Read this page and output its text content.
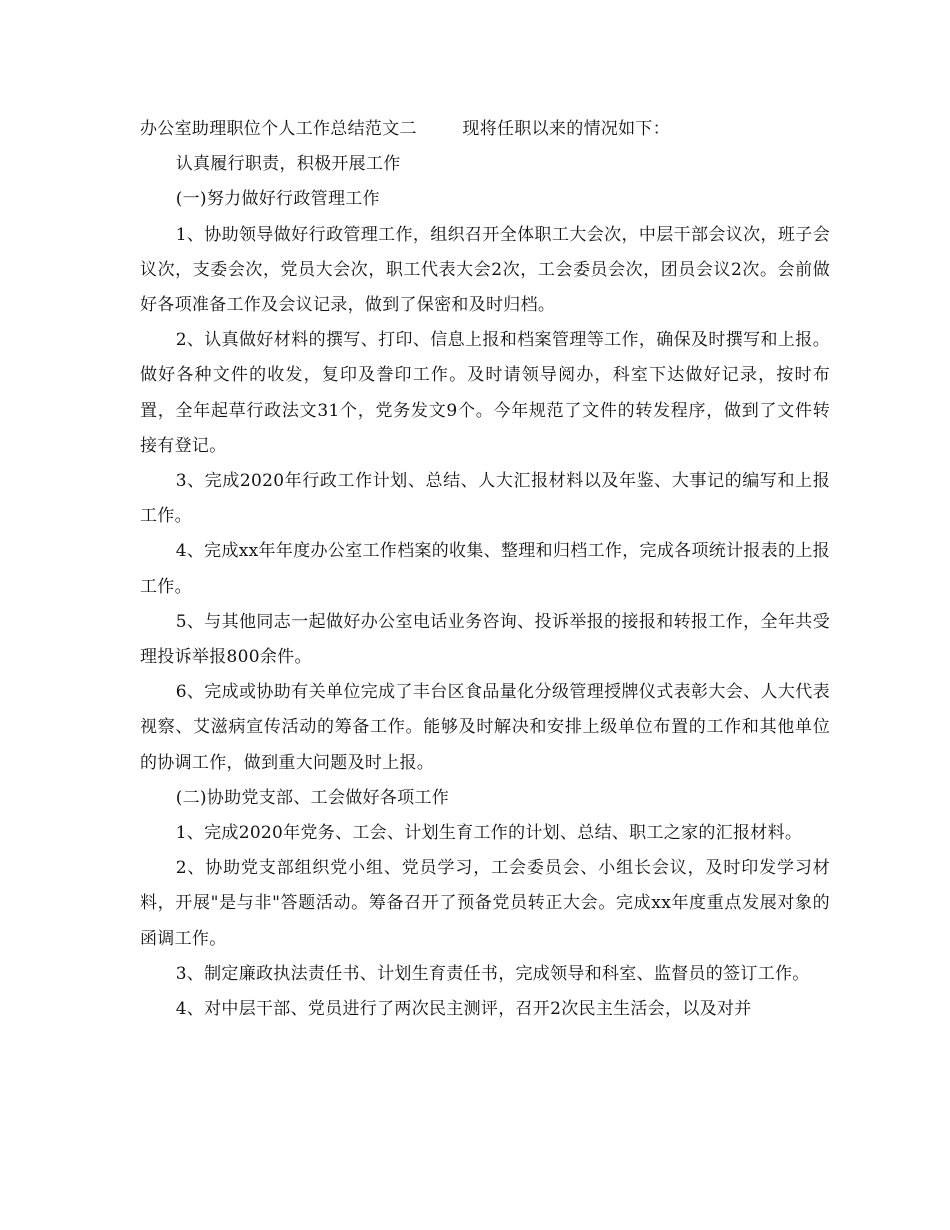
办公室助理职位个人工作总结范文二        现将任职以来的情况如下：

认真履行职责，积极开展工作

(一)努力做好行政管理工作

1、协助领导做好行政管理工作，组织召开全体职工大会次，中层干部会议次，班子会议次，支委会次，党员大会次，职工代表大会2次，工会委员会次，团员会议2次。会前做好各项准备工作及会议记录，做到了保密和及时归档。

2、认真做好材料的撰写、打印、信息上报和档案管理等工作，确保及时撰写和上报。做好各种文件的收发，复印及誊印工作。及时请领导阅办，科室下达做好记录，按时布置，全年起草行政法文31个，党务发文9个。今年规范了文件的转发程序，做到了文件转接有登记。

3、完成2020年行政工作计划、总结、人大汇报材料以及年鉴、大事记的编写和上报工作。

4、完成xx年年度办公室工作档案的收集、整理和归档工作，完成各项统计报表的上报工作。

5、与其他同志一起做好办公室电话业务咨询、投诉举报的接报和转报工作，全年共受理投诉举报800余件。

6、完成或协助有关单位完成了丰台区食品量化分级管理授牌仪式表彰大会、人大代表视察、艾滋病宣传活动的筹备工作。能够及时解决和安排上级单位布置的工作和其他单位的协调工作，做到重大问题及时上报。

(二)协助党支部、工会做好各项工作

1、完成2020年党务、工会、计划生育工作的计划、总结、职工之家的汇报材料。

2、协助党支部组织党小组、党员学习，工会委员会、小组长会议，及时印发学习材料，开展"是与非"答题活动。筹备召开了预备党员转正大会。完成xx年度重点发展对象的函调工作。

3、制定廉政执法责任书、计划生育责任书，完成领导和科室、监督员的签订工作。

4、对中层干部、党员进行了两次民主测评，召开2次民主生活会，以及对并
